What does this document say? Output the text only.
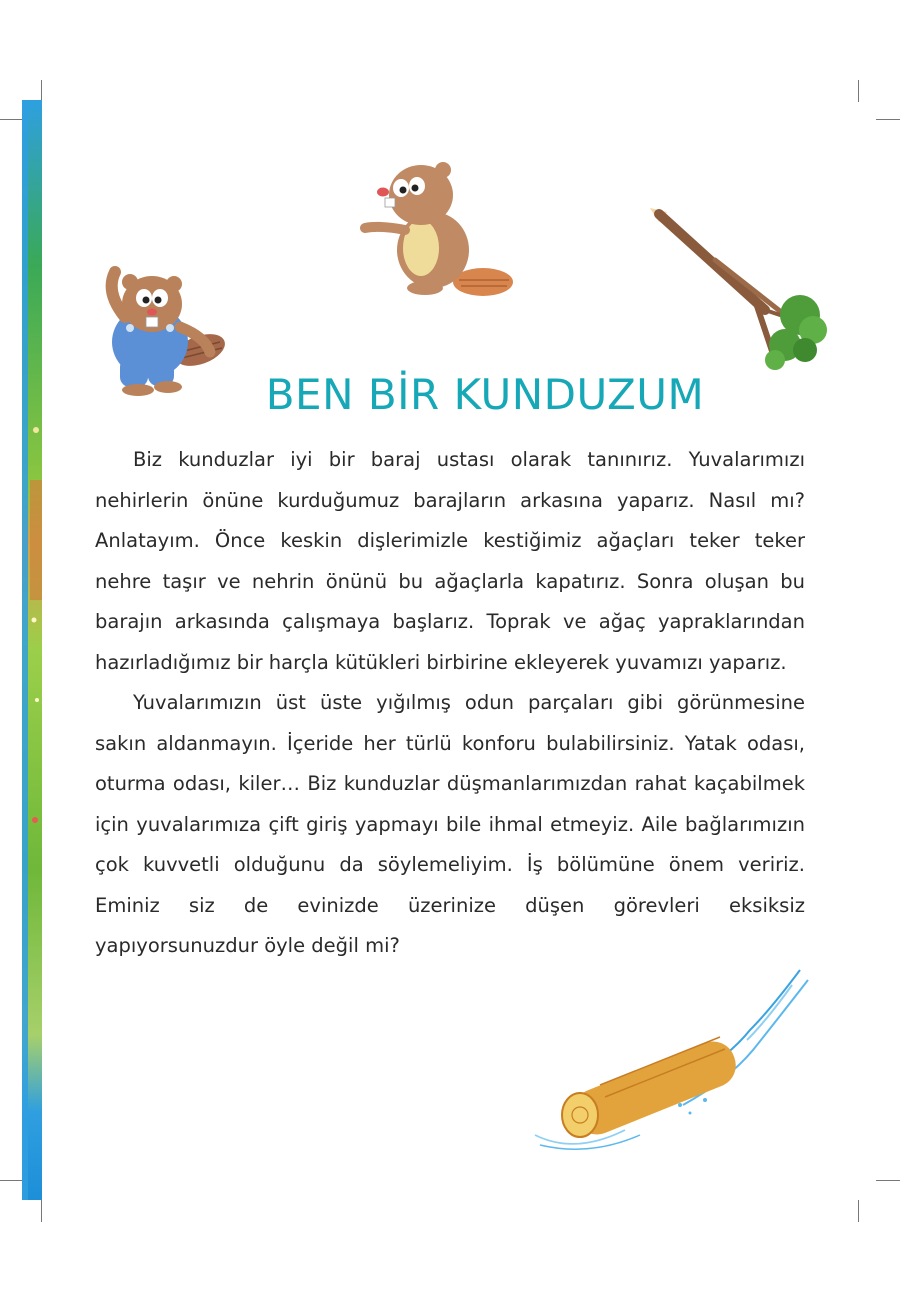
BEN BİR KUNDUZUM

Biz kunduzlar iyi bir baraj ustası olarak tanınırız. Yuvalarımızı nehirlerin önüne kurduğumuz barajların arkasına yaparız. Nasıl mı? Anlatayım. Önce keskin dişlerimizle kestiğimiz ağaçları teker teker nehre taşır ve nehrin önünü bu ağaçlarla kapatırız. Sonra oluşan bu barajın arkasında çalışmaya başlarız. Toprak ve ağaç yapraklarından hazırladığımız bir harçla kütükleri birbirine ekleyerek yuvamızı yaparız.

Yuvalarımızın üst üste yığılmış odun parçaları gibi görünmesine sakın aldanmayın. İçeride her türlü konforu bulabilirsiniz. Yatak odası, oturma odası, kiler… Biz kunduzlar düşmanlarımızdan rahat kaçabilmek için yuvalarımıza çift giriş yapmayı bile ihmal etmeyiz. Aile bağlarımızın çok kuvvetli olduğunu da söylemeliyim. İş bölümüne önem veririz. Eminiz siz de evinizde üzerinize düşen görevleri eksiksiz yapıyorsunuzdur öyle değil mi?
